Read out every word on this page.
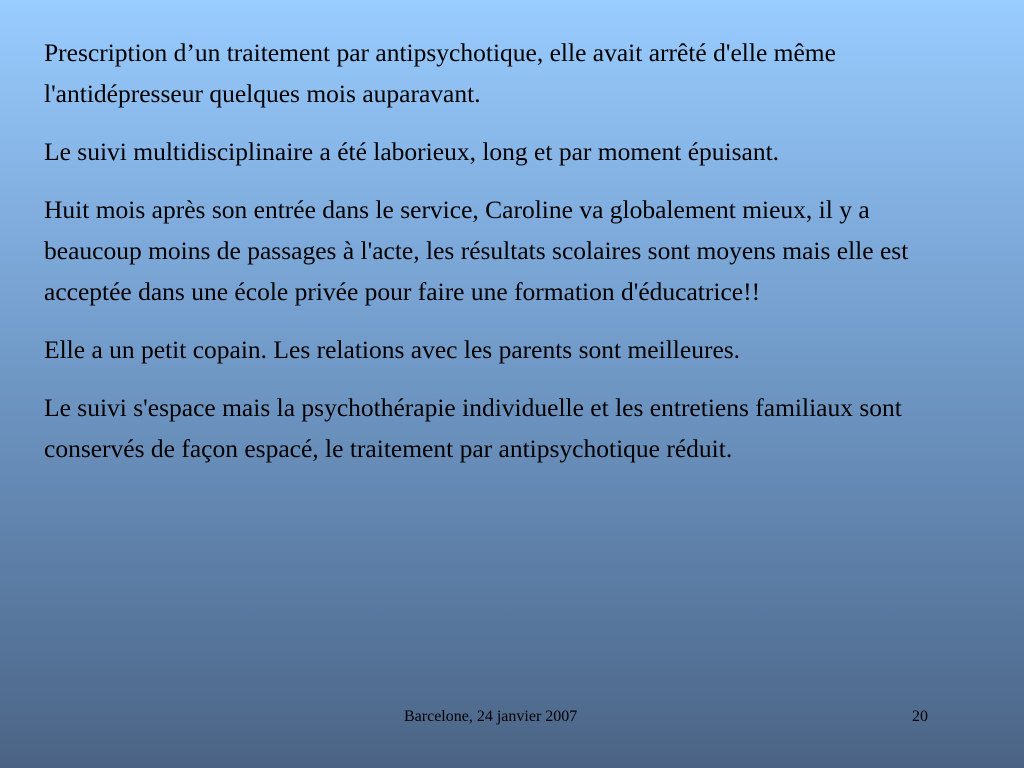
Prescription d’un traitement par antipsychotique, elle avait arrêté d'elle même l'antidépresseur quelques mois auparavant.

Le suivi multidisciplinaire a été laborieux, long et par moment épuisant.

Huit mois après son entrée dans le service, Caroline va globalement mieux, il y a beaucoup moins de passages à l'acte, les résultats scolaires sont moyens mais elle est acceptée dans une école privée pour faire une formation d'éducatrice!!

Elle a un petit copain. Les relations avec les parents sont meilleures.

Le suivi s'espace mais la psychothérapie individuelle et les entretiens familiaux sont conservés de façon espacé, le traitement par antipsychotique réduit.

Barcelone, 24 janvier 2007	20
